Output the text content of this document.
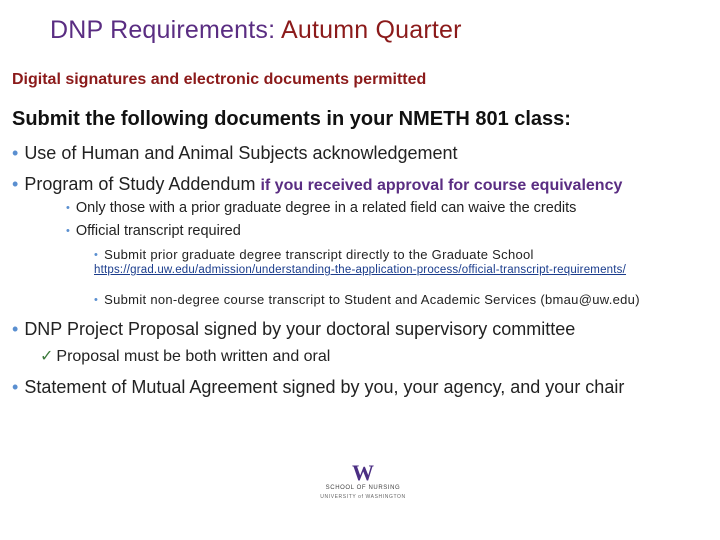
DNP Requirements: Autumn Quarter
Digital signatures and electronic documents permitted
Submit the following documents in your NMETH 801 class:
• Use of Human and Animal Subjects acknowledgement
• Program of Study Addendum if you received approval for course equivalency
• Only those with a prior graduate degree in a related field can waive the credits
• Official transcript required
• Submit prior graduate degree transcript directly to the Graduate School
https://grad.uw.edu/admission/understanding-the-application-process/official-transcript-requirements/
• Submit non-degree course transcript to Student and Academic Services (bmau@uw.edu)
• DNP Project Proposal signed by your doctoral supervisory committee
✓ Proposal must be both written and oral
• Statement of Mutual Agreement signed by you, your agency, and your chair
W
SCHOOL OF NURSING
UNIVERSITY of WASHINGTON
